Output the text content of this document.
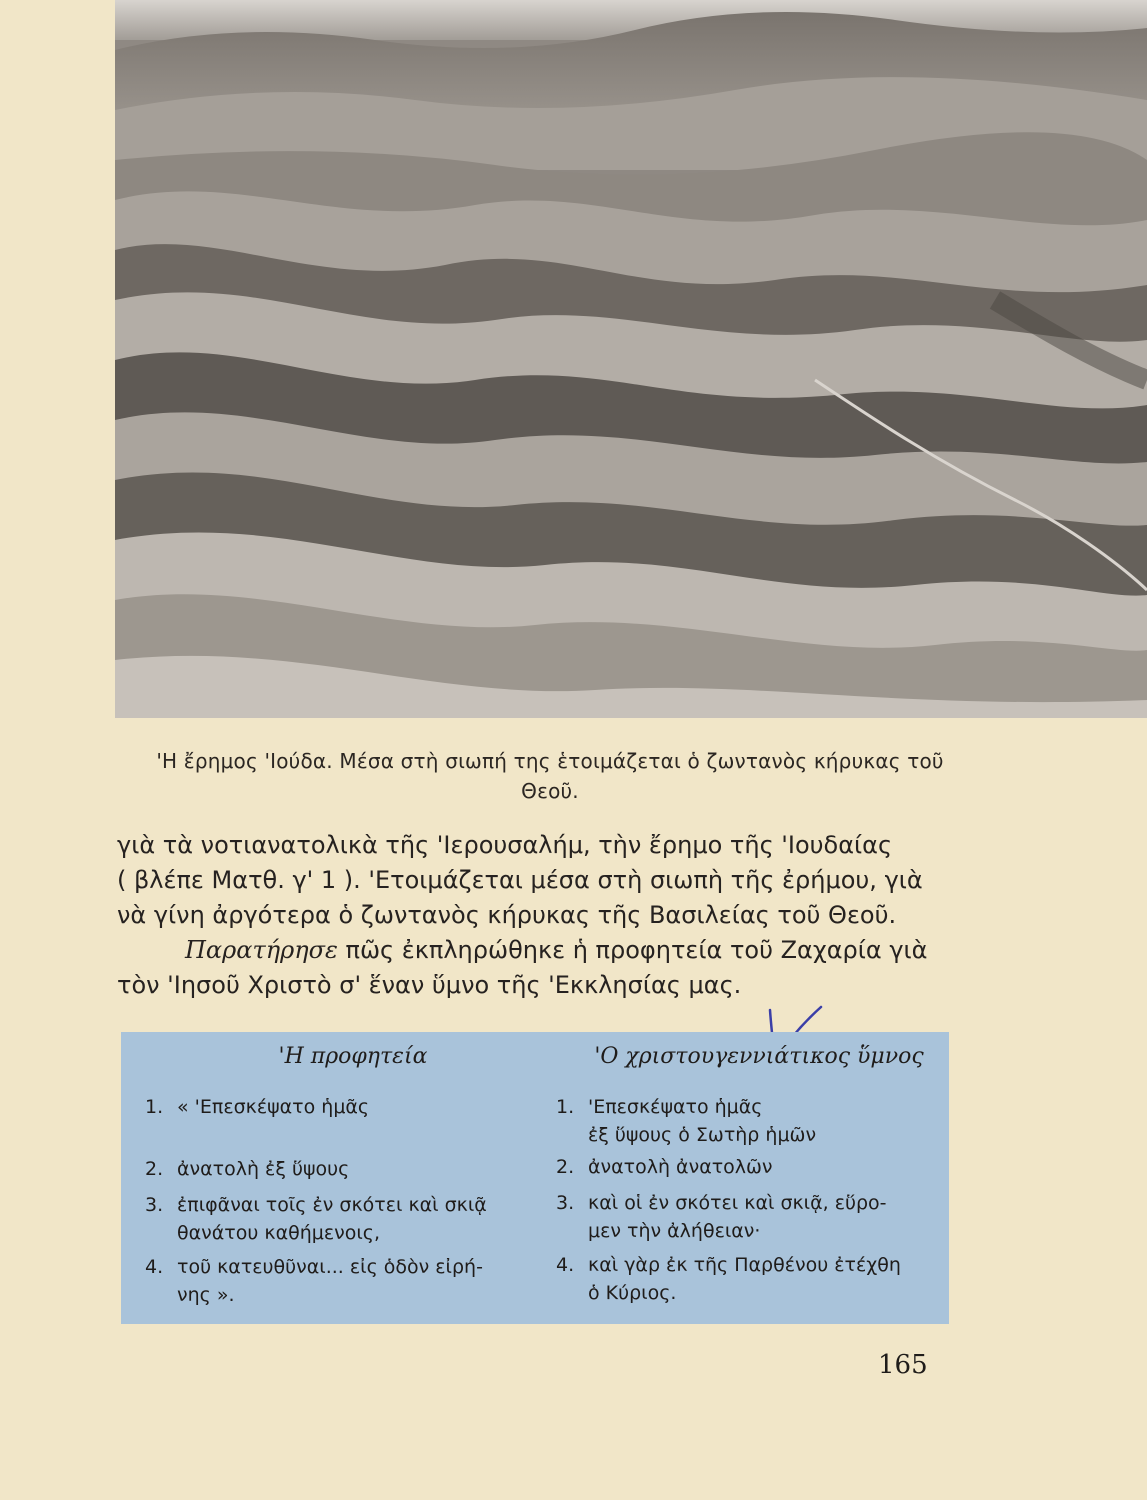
'Η ἔρημος 'Ιούδα. Μέσα στὴ σιωπή της ἑτοιμάζεται ὁ ζωντανὸς κήρυκας τοῦ
Θεοῦ.

γιὰ τὰ νοτιανατολικὰ τῆς 'Ιερουσαλήμ, τὴν ἔρημο τῆς 'Ιουδαίας

( βλέπε Ματθ. γ' 1 ). 'Ετοιμάζεται μέσα στὴ σιωπὴ τῆς ἐρήμου, γιὰ

νὰ γίνη ἀργότερα ὁ ζωντανὸς κήρυκας τῆς Βασιλείας τοῦ Θεοῦ.

Παρατήρησε πῶς ἐκπληρώθηκε ἡ προφητεία τοῦ Ζαχαρία γιὰ

τὸν 'Ιησοῦ Χριστὸ σ' ἕναν ὕμνο τῆς 'Εκκλησίας μας.

'Η προφητεία
1. « 'Επεσκέψατο ἡμᾶς
2. ἀνατολὴ ἐξ ὕψους
3. ἐπιφᾶναι τοῖς ἐν σκότει καὶ σκιᾷ
θανάτου καθήμενοις,
4. τοῦ κατευθῦναι... εἰς ὁδὸν εἰρή-
νης ».
'Ο χριστουγεννιάτικος ὕμνος
1. 'Επεσκέψατο ἡμᾶς
ἐξ ὕψους ὁ Σωτὴρ ἡμῶν
2. ἀνατολὴ ἀνατολῶν
3. καὶ οἱ ἐν σκότει καὶ σκιᾷ, εὕρο-
μεν τὴν ἀλήθειαν·
4. καὶ γὰρ ἐκ τῆς Παρθένου ἐτέχθη
ὁ Κύριος.
165
